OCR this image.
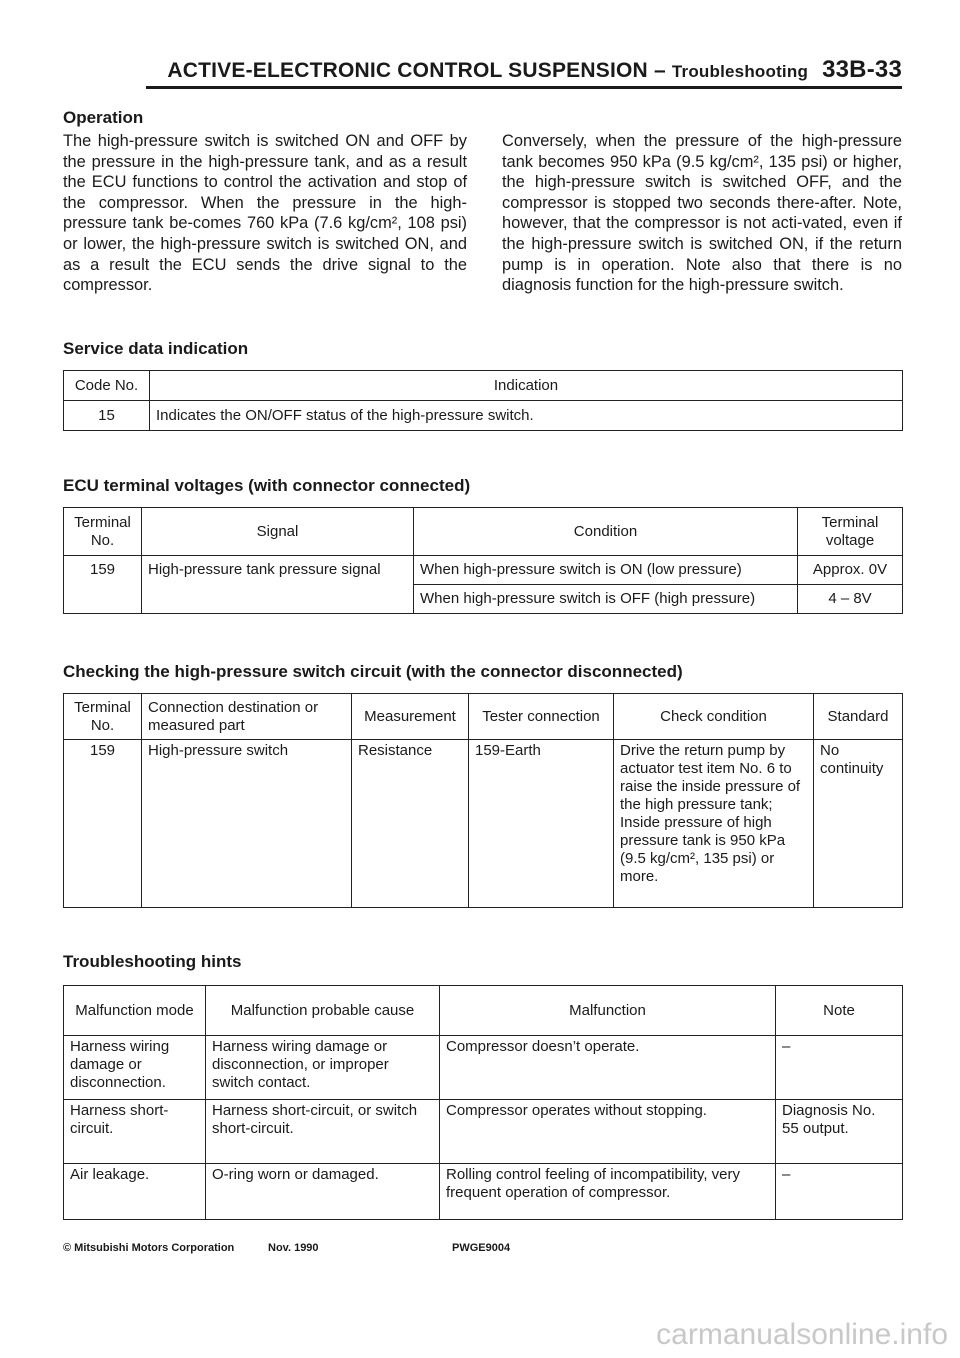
ACTIVE-ELECTRONIC CONTROL SUSPENSION – Troubleshooting 33B-33
Operation
The high-pressure switch is switched ON and OFF by the pressure in the high-pressure tank, and as a result the ECU functions to control the activation and stop of the compressor. When the pressure in the high-pressure tank be-comes 760 kPa (7.6 kg/cm², 108 psi) or lower, the high-pressure switch is switched ON, and as a result the ECU sends the drive signal to the compressor.
Conversely, when the pressure of the high-pressure tank becomes 950 kPa (9.5 kg/cm², 135 psi) or higher, the high-pressure switch is switched OFF, and the compressor is stopped two seconds there-after. Note, however, that the compressor is not acti-vated, even if the high-pressure switch is switched ON, if the return pump is in operation. Note also that there is no diagnosis function for the high-pressure switch.
Service data indication
Code No.	Indication
15	Indicates the ON/OFF status of the high-pressure switch.
ECU terminal voltages (with connector connected)
Terminal No.	Signal	Condition	Terminal voltage
159	High-pressure tank pressure signal	When high-pressure switch is ON (low pressure)	Approx. 0V
		When high-pressure switch is OFF (high pressure)	4 – 8V
Checking the high-pressure switch circuit (with the connector disconnected)
Terminal No.	Connection destination or measured part	Measurement	Tester connection	Check condition	Standard
159	High-pressure switch	Resistance	159-Earth	Drive the return pump by actuator test item No. 6 to raise the inside pressure of the high pressure tank; Inside pressure of high pressure tank is 950 kPa (9.5 kg/cm², 135 psi) or more.	No continuity
Troubleshooting hints
Malfunction mode	Malfunction probable cause	Malfunction	Note
Harness wiring damage or disconnection.	Harness wiring damage or disconnection, or improper switch contact.	Compressor doesn’t operate.	–
Harness short-circuit.	Harness short-circuit, or switch short-circuit.	Compressor operates without stopping.	Diagnosis No. 55 output.
Air leakage.	O-ring worn or damaged.	Rolling control feeling of incompatibility, very frequent operation of compressor.	–
© Mitsubishi Motors Corporation	Nov. 1990	PWGE9004
carmanualsonline.info
